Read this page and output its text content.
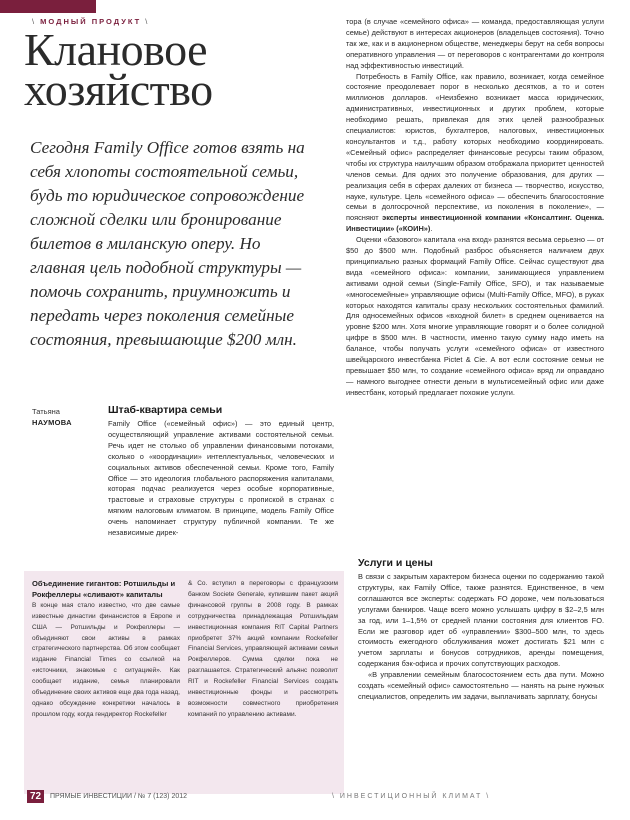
\ МОДНЫЙ ПРОДУКТ \
Клановое
хозяйство
Сегодня Family Office готов взять на себя хлопоты состоятельной семьи, будь то юридическое сопровождение сложной сделки или бронирование билетов в миланскую оперу. Но главная цель подобной структуры — помочь сохранить, приумножить и передать через поколения семейные состояния, превышающие $200 млн.
Татьяна
НАУМОВА
Штаб-квартира семьи

Family Office («семейный офис») — это единый центр, осуществляющий управление активами состоятельной семьи. Речь идет не столько об управлении финансовыми потоками, сколько о «координации» интеллектуальных, человеческих и социальных активов обеспеченной семьи. Кроме того, Family Office — это идеология глобального распоряжения капиталами, которая подчас реализуется через особые корпоративные, трастовые и страховые структуры с пропиской в странах с мягким налоговым климатом. В принципе, модель Family Office очень напоминает структуру публичной компании. Те же независимые дирек-

тора (в случае «семейного офиса» — команда, предоставляющая услуги семье) действуют в интересах акционеров (владельцев состояния). Точно так же, как и в акционерном обществе, менеджеры берут на себя вопросы оперативного управления — от переговоров с контрагентами до контроля над эффективностью инвестиций.

Потребность в Family Office, как правило, возникает, когда семейное состояние преодолевает порог в несколько десятков, а то и сотен миллионов долларов. «Неизбежно возникает масса юридических, административных, инвестиционных и других проблем, которые необходимо решать, привлекая для этих целей разнообразных специалистов: юристов, бухгалтеров, налоговых, инвестиционных консультантов и т.д., работу которых необходимо координировать. «Семейный офис» распределяет финансовые ресурсы таким образом, чтобы их структура наилучшим образом отображала приоритет ценностей членов семьи. Для одних это получение образования, для других — реализация себя в сферах далеких от бизнеса — творчество, искусство, науке, культуре. Цель «семейного офиса» — обеспечить благосостояние семьи в долгосрочной перспективе, из поколения в поколение», — поясняют эксперты инвестиционной компании «Консалтинг. Оценка. Инвестиции» («КОИН»).

Оценки «базового» капитала «на вход» разнятся весьма серьезно — от $50 до $500 млн. Подобный разброс объясняется наличием двух принципиально разных формаций Family Office. Сейчас существуют два вида «семейного офиса»: компании, занимающиеся управлением активами одной семьи (Single-Family Office, SFO), и так называемые «многосемейные» управляющие офисы (Multi-Family Office, MFO), в руках которых находятся капиталы сразу нескольких состоятельных фамилий. Для односемейных офисов «входной билет» в среднем оценивается на уровне $200 млн. Хотя многие управляющие говорят и о более солидной цифре в $500 млн. В частности, именно такую сумму надо иметь на балансе, чтобы получать услуги «семейного офиса» от известного швейцарского инвестбанка Pictet & Cie. А вот если состояние семьи не превышает $50 млн, то создание «семейного офиса» вряд ли оправдано — намного выгоднее отнести деньги в мультисемейный офис или даже инвестбанк, который предлагает похожие услуги.

Объединение гигантов: Ротшильды и Рокфеллеры «сливают» капиталы
В конце мая стало известно, что две самые известные династии финансистов в Европе и США — Ротшильды и Рокфеллеры — объединяют свои активы в рамках стратегического партнерства. Об этом сообщает издание Financial Times со ссылкой на «источники, знакомые с ситуацией». Как сообщает издание, семья планировали объединение своих активов еще два года назад, однако обсуждение конкретики началось в прошлом году, когда гендиректор Rockefeller
& Co. вступил в переговоры с французским банком Societe Generale, купившим пакет акций финансовой группы в 2008 году. В рамках сотрудничества принадлежащая Ротшильдам инвестиционная компания RIT Capital Partners приобретет 37% акций компании Rockefeller Financial Services, управляющей активами семьи Рокфеллеров. Сумма сделки пока не разглашается. Стратегический альянс позволит RIT и Rockefeller Financial Services создать инвестиционные фонды и рассмотреть возможности совместного приобретения компаний по управлению активами.
Услуги и цены

В связи с закрытым характером бизнеса оценки по содержанию такой структуры, как Family Office, также разнятся. Единственное, в чем соглашаются все эксперты: содержать FO дороже, чем пользоваться услугами банкиров. Чаще всего можно услышать цифру в $2–2,5 млн за год, или 1–1,5% от средней планки состояния для клиентов FO. Если же разговор идет об «управлении» $300–500 млн, то здесь стоимость ежегодного обслуживания может достигать $21 млн с учетом зарплаты и бонусов сотрудников, аренды помещения, содержания бэк-офиса и прочих сопутствующих расходов.

«В управлении семейным благосостоянием есть два пути. Можно создать «семейный офис» самостоятельно — нанять на рыне нужных специалистов, определить им задачи, выплачивать зарплату, бонусы

72	ПРЯМЫЕ ИНВЕСТИЦИИ / № 7 (123) 2012	\ ИНВЕСТИЦИОННЫЙ КЛИМАТ \
